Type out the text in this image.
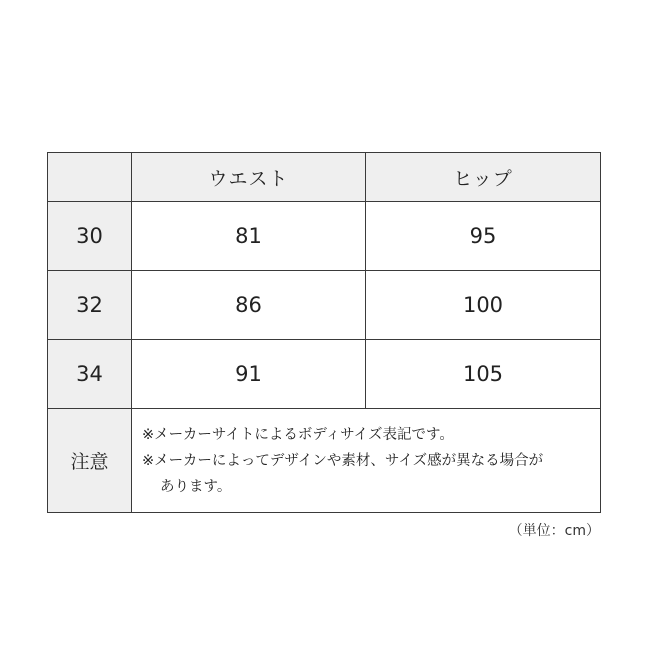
	ウエスト	ヒップ
30	81	95
32	86	100
34	91	105
注意	※メーカーサイトによるボディサイズ表記です。
※メーカーによってデザインや素材、サイズ感が異なる場合が
あります。	
（単位：cm）
